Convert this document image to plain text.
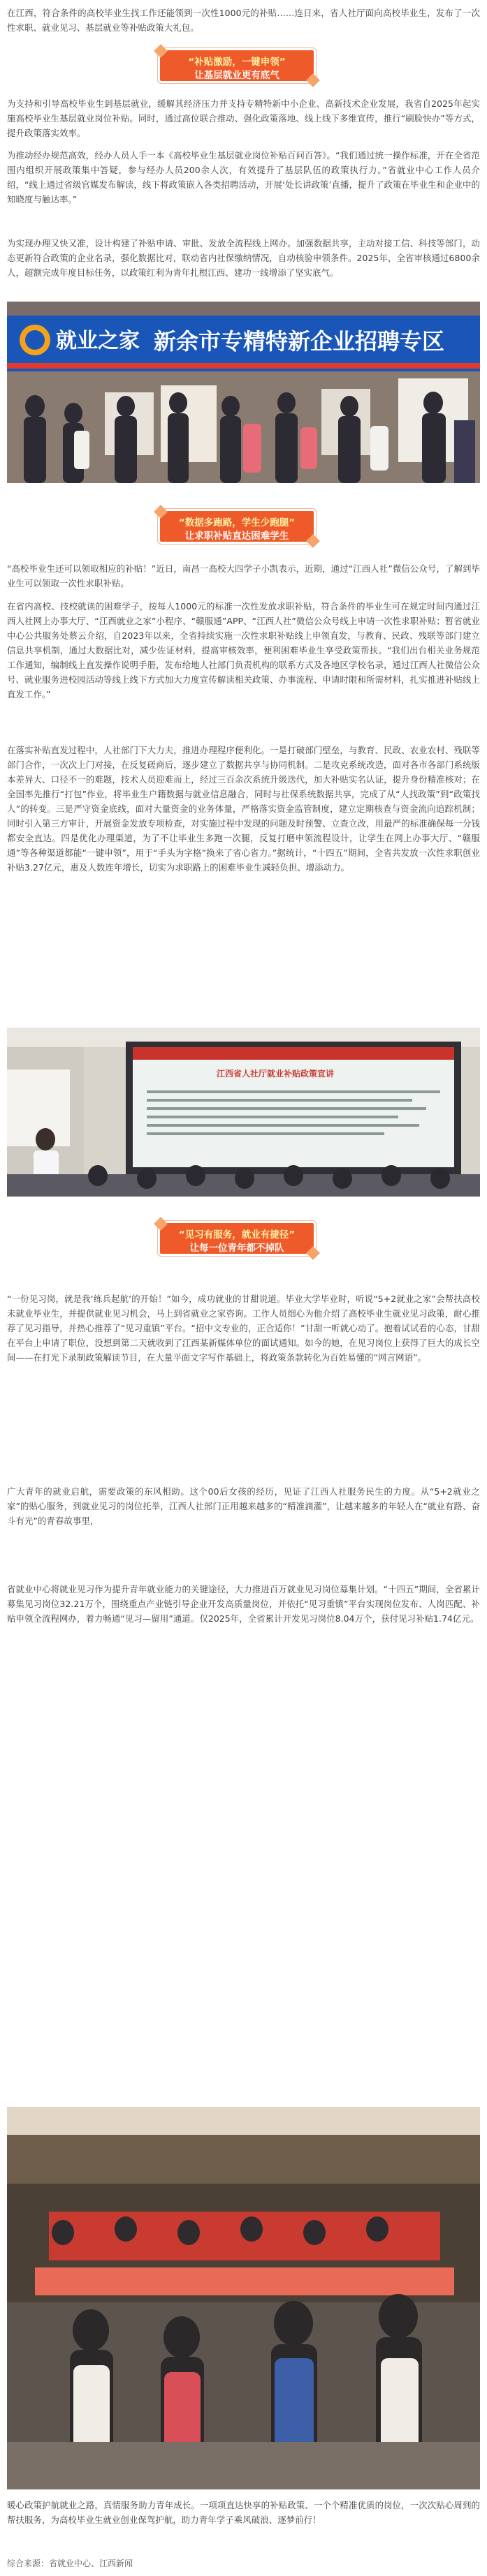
在江西，符合条件的高校毕业生找工作还能领到一次性1000元的补贴……连日来，省人社厅面向高校毕业生，发布了一次性求职、就业见习、基层就业等补贴政策大礼包。

“补贴激励，一键申领”
让基层就业更有底气

为支持和引导高校毕业生到基层就业，缓解其经济压力并支持专精特新中小企业、高新技术企业发展，我省自2025年起实施高校毕业生基层就业岗位补贴。同时，通过高位联合推动、强化政策落地、线上线下多维宣传，推行“刷脸快办”等方式，提升政策落实效率。

为推动经办规范高效，经办人员人手一本《高校毕业生基层就业岗位补贴百问百答》。“我们通过统一操作标准，开在全省范围内组织开展政策集中答疑，参与经办人员200余人次，有效提升了基层队伍的政策执行力。”省就业中心工作人员介绍，“线上通过省级官媒发布解读，线下将政策嵌入各类招聘活动，开展‘处长讲政策’直播，提升了政策在毕业生和企业中的知晓度与触达率。”

为实现办理又快又准，设计构建了补贴申请、审批、发放全流程线上网办。加强数据共享，主动对接工信、科技等部门，动态更新符合政策的企业名录，强化数据比对，联动省内社保缴纳情况，自动核验申领条件。2025年，全省审核通过6800余人，超额完成年度目标任务，以政策红利为青年扎根江西、建功一线增添了坚实底气。

就业之家 新余市专精特新企业招聘专区
“数据多跑路，学生少跑腿”
让求职补贴直达困难学生

“高校毕业生还可以领取相应的补贴！”近日，南昌一高校大四学子小凯表示，近期，通过“江西人社”微信公众号，了解到毕业生可以领取一次性求职补贴。

在省内高校、技校就读的困难学子，按每人1000元的标准一次性发放求职补贴，符合条件的毕业生可在规定时间内通过江西人社网上办事大厅、“江西就业之家”小程序、“赣服通”APP、“江西人社”微信公众号线上申请一次性求职补贴；暂省就业中心公共服务处蔡云介绍，自2023年以来，全省持续实施一次性求职补贴线上申领直发，与教育、民政、残联等部门建立信息共享机制，通过大数据比对，减少佐证材料，提高审核效率，便利困难毕业生享受政策帮扶。“我们出台相关业务规范工作通知，编制线上直发操作说明手册，发布给地人社部门负责机构的联系方式及各地区学校名录，通过江西人社微信公众号、就业服务进校园活动等线上线下方式加大力度宣传解读相关政策、办事流程、申请时限和所需材料，扎实推进补贴线上直发工作。”

在落实补贴直发过程中，人社部门下大力夫，推进办理程序便利化。一是打破部门壁垒，与教育、民政、农业农村、残联等部门合作，一次次上门对接，在反复磋商后，逐步建立了数据共享与协同机制。二是攻克系统改造，面对各市各部门系统版本差异大、口径不一的难题，技术人员迎难而上，经过三百余次系统升级迭代，加大补贴实名认证，提升身份精准核对；在全国率先推行“打包”作业，将毕业生户籍数据与就业信息融合，同时与社保系统数据共享，完成了从“人找政策”到“政策找人”的转变。三是严守资金底线，面对大量资金的业务体量，严格落实资金监管制度，建立定期核查与资金流向追踪机制；同时引入第三方审计，开展资金发放专项检查，对实施过程中发现的问题及时预警、立查立改，用最严的标准确保每一分钱都安全直达。四是优化办理渠道，为了不让毕业生多跑一次腿，反复打磨申领流程设计，让学生在网上办事大厅、“赣服通”等各种渠道都能“一键申领”，用于“手头为字格”换来了省心省力。”据统计，“十四五”期间，全省共发放一次性求职创业补贴3.27亿元，惠及人数连年增长，切实为求职路上的困难毕业生减轻负担、增添动力。

江西省人社厅就业补贴政策宣讲
“见习有服务，就业有捷径”
让每一位青年都不掉队

“一份见习岗，就是我‘练兵起航’的开始！”如今，成功就业的甘甜说道。毕业大学毕业时，听说“5+2就业之家”会帮扶高校未就业毕业生，并提供就业见习机会，马上到省就业之家咨询。工作人员细心为他介绍了高校毕业生就业见习政策，耐心推荐了见习指导，并热心推荐了“见习重镇”平台。“招中文专业的，正合适你！”甘甜一听就心动了。抱着试试看的心态，甘甜在平台上申请了职位，没想到第二天就收到了江西某新媒体单位的面试通知。如今的她，在见习岗位上获得了巨大的成长空间——在打光下录制政策解读节目，在大量平面文字写作基础上，将政策条款转化为百姓易懂的“网言网语”。

广大青年的就业启航，需要政策的东风相助。这个00后女孩的经历，见证了江西人社服务民生的力度。从“5+2就业之家”的贴心服务，到就业见习的岗位托举，江西人社部门正用越来越多的“精准滴灌”，让越来越多的年轻人在“就业有路、奋斗有光”的青春故事里，

省就业中心将就业见习作为提升青年就业能力的关键途径，大力推进百万就业见习岗位募集计划。“十四五”期间，全省累计募集见习岗位32.21万个，围绕重点产业链引导企业开发高质量岗位，并依托“见习重镇”平台实现岗位发布、人岗匹配、补贴申领全流程网办，着力畅通“见习—留用”通道。仅2025年，全省累计开发见习岗位8.04万个，获付见习补贴1.74亿元。

暖心政策护航就业之路，真情服务助力青年成长。一项项直达快享的补贴政策、一个个精准优质的岗位，一次次贴心周到的帮扶服务，为高校毕业生就业创业保驾护航，助力青年学子乘风破浪、逐梦前行！

综合来源：省就业中心、江西新闻
